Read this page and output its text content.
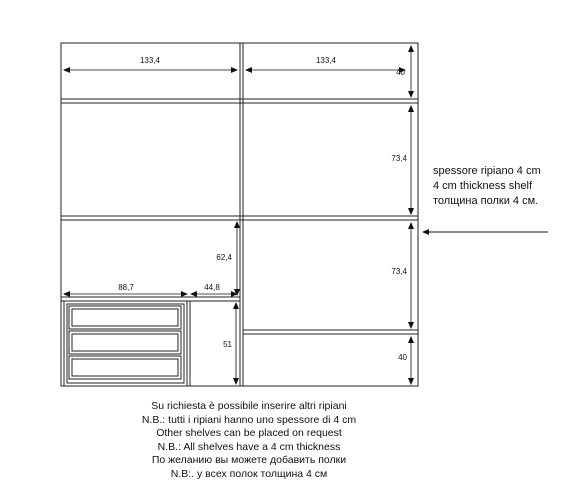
133,4	133,4
40
73,4
73,4
62,4
88,7	44,8
51
40
spessore ripiano 4 cm
4 cm thickness shelf
толщина полки 4 см.
Su richiesta è possibile inserire altri ripiani
N.B.: tutti i ripiani hanno uno spessore di 4 cm
Other shelves can be placed on request
N.B.: All shelves have a 4 cm thickness
По желанию вы можете добавить полки
N.B:. у всех полок толщина 4 см
